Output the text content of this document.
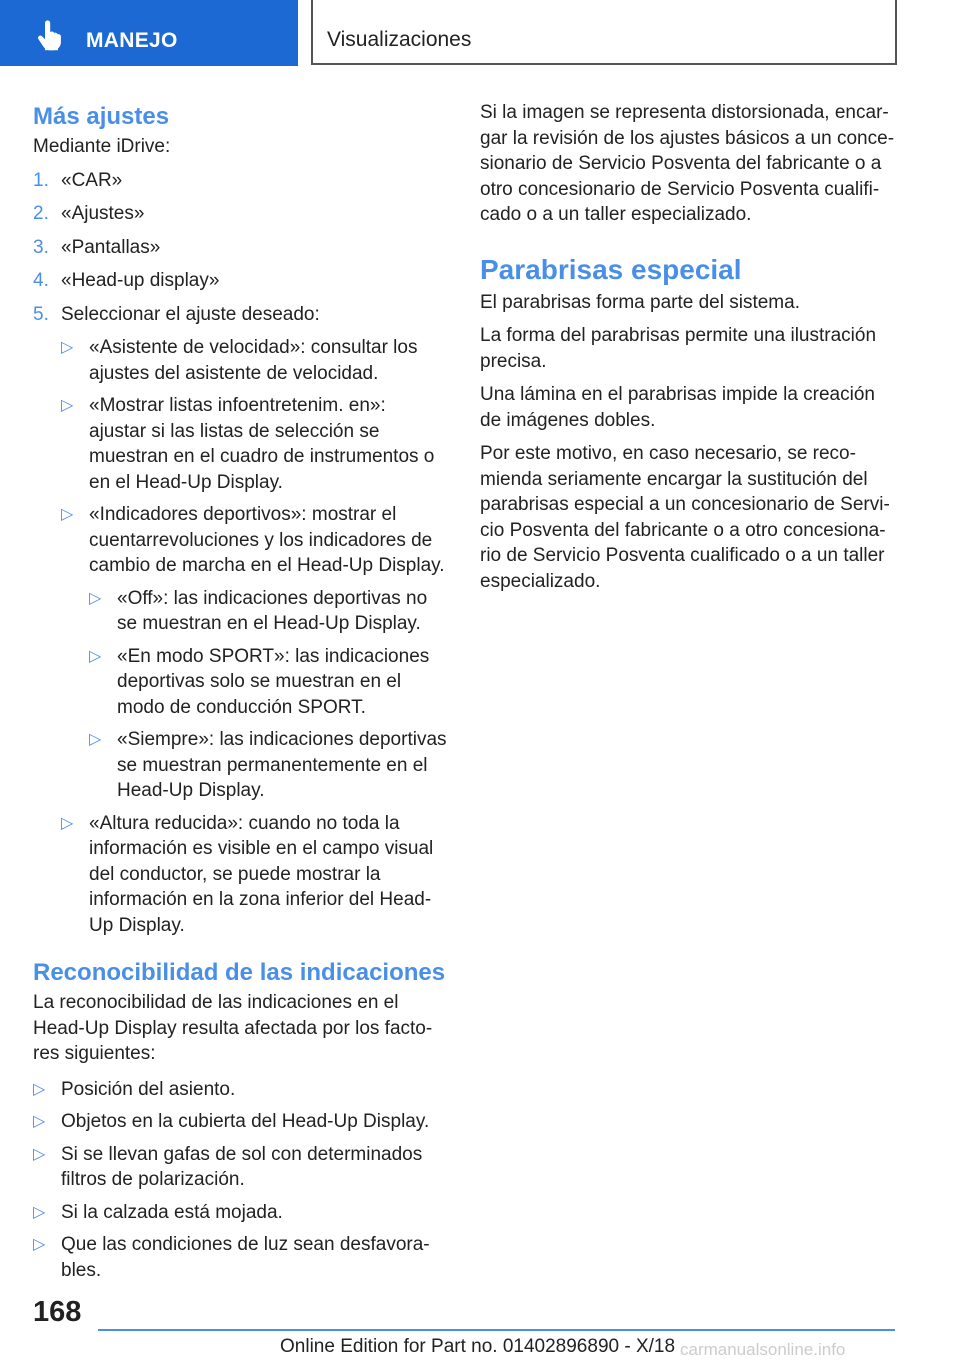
MANEJO	Visualizaciones
Más ajustes

Mediante iDrive:

1. «CAR»
2. «Ajustes»
3. «Pantallas»
4. «Head-up display»
5. Seleccionar el ajuste deseado:
▷ «Asistente de velocidad»: consultar los ajustes del asistente de velocidad.
▷ «Mostrar listas infoentretenim. en»: ajustar si las listas de selección se muestran en el cuadro de instrumentos o en el Head-Up Display.
▷ «Indicadores deportivos»: mostrar el cuentarrevoluciones y los indicadores de cambio de marcha en el Head-Up Display.
▷ «Off»: las indicaciones deportivas no se muestran en el Head-Up Display.
▷ «En modo SPORT»: las indicaciones deportivas solo se muestran en el modo de conducción SPORT.
▷ «Siempre»: las indicaciones deportivas se muestran permanentemente en el Head-Up Display.
▷ «Altura reducida»: cuando no toda la información es visible en el campo visual del conductor, se puede mostrar la información en la zona inferior del Head-Up Display.
Reconocibilidad de las indicaciones

La reconocibilidad de las indicaciones en el Head-Up Display resulta afectada por los factores siguientes:

▷ Posición del asiento.
▷ Objetos en la cubierta del Head-Up Display.
▷ Si se llevan gafas de sol con determinados filtros de polarización.
▷ Si la calzada está mojada.
▷ Que las condiciones de luz sean desfavorables.

Si la imagen se representa distorsionada, encargar la revisión de los ajustes básicos a un concesionario de Servicio Posventa del fabricante o a otro concesionario de Servicio Posventa cualificado o a un taller especializado.

Parabrisas especial

El parabrisas forma parte del sistema.

La forma del parabrisas permite una ilustración precisa.

Una lámina en el parabrisas impide la creación de imágenes dobles.

Por este motivo, en caso necesario, se recomienda seriamente encargar la sustitución del parabrisas especial a un concesionario de Servicio Posventa del fabricante o a otro concesionario de Servicio Posventa cualificado o a un taller especializado.

168
Online Edition for Part no. 01402896890 - X/18 carmanualsonline.info
